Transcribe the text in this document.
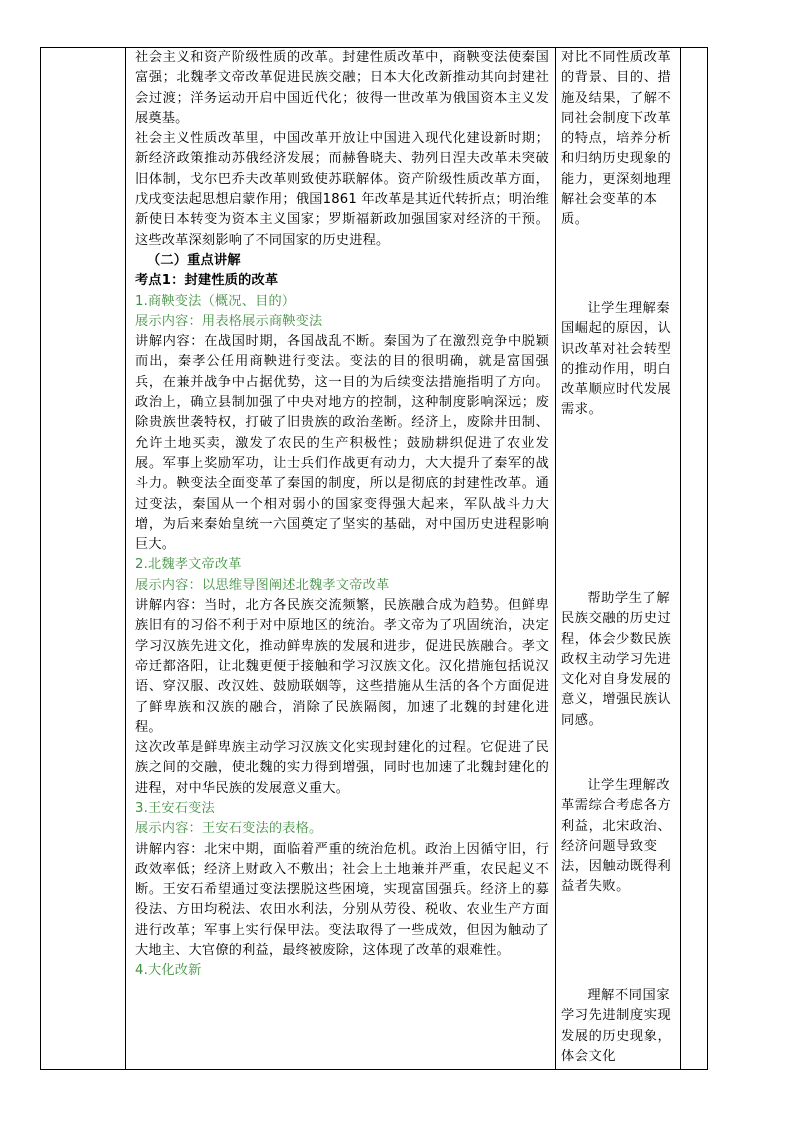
社会主义和资产阶级性质的改革。封建性质改革中，商鞅变法使秦国富强；北魏孝文帝改革促进民族交融；日本大化改新推动其向封建社会过渡；洋务运动开启中国近代化；彼得一世改革为俄国资本主义发展奠基。

社会主义性质改革里，中国改革开放让中国进入现代化建设新时期；新经济政策推动苏俄经济发展；而赫鲁晓夫、勃列日涅夫改革未突破旧体制，戈尔巴乔夫改革则致使苏联解体。资产阶级性质改革方面，戊戌变法起思想启蒙作用；俄国1861 年改革是其近代转折点；明治维新使日本转变为资本主义国家；罗斯福新政加强国家对经济的干预。这些改革深刻影响了不同国家的历史进程。

（二）重点讲解

考点1：封建性质的改革

1.商鞅变法（概况、目的）

展示内容：用表格展示商鞅变法

讲解内容：在战国时期，各国战乱不断。秦国为了在激烈竞争中脱颖而出，秦孝公任用商鞅进行变法。变法的目的很明确，就是富国强兵，在兼并战争中占据优势，这一目的为后续变法措施指明了方向。政治上，确立县制加强了中央对地方的控制，这种制度影响深远；废除贵族世袭特权，打破了旧贵族的政治垄断。经济上，废除井田制、允许土地买卖，激发了农民的生产积极性；鼓励耕织促进了农业发展。军事上奖励军功，让士兵们作战更有动力，大大提升了秦军的战斗力。鞅变法全面变革了秦国的制度，所以是彻底的封建性改革。通过变法，秦国从一个相对弱小的国家变得强大起来，军队战斗力大增，为后来秦始皇统一六国奠定了坚实的基础，对中国历史进程影响巨大。

2.北魏孝文帝改革

展示内容：以思维导图阐述北魏孝文帝改革

讲解内容：当时，北方各民族交流频繁，民族融合成为趋势。但鲜卑族旧有的习俗不利于对中原地区的统治。孝文帝为了巩固统治，决定学习汉族先进文化，推动鲜卑族的发展和进步，促进民族融合。孝文帝迁都洛阳，让北魏更便于接触和学习汉族文化。汉化措施包括说汉语、穿汉服、改汉姓、鼓励联姻等，这些措施从生活的各个方面促进了鲜卑族和汉族的融合，消除了民族隔阂，加速了北魏的封建化进程。

这次改革是鲜卑族主动学习汉族文化实现封建化的过程。它促进了民族之间的交融，使北魏的实力得到增强，同时也加速了北魏封建化的进程，对中华民族的发展意义重大。

3.王安石变法

展示内容：王安石变法的表格。

讲解内容：北宋中期，面临着严重的统治危机。政治上因循守旧，行政效率低；经济上财政入不敷出；社会上土地兼并严重，农民起义不断。王安石希望通过变法摆脱这些困境，实现富国强兵。经济上的募役法、方田均税法、农田水利法，分别从劳役、税收、农业生产方面进行改革；军事上实行保甲法。变法取得了一些成效，但因为触动了大地主、大官僚的利益，最终被废除，这体现了改革的艰难性。

4.大化改新

对比不同性质改革的背景、目的、措施及结果，了解不同社会制度下改革的特点，培养分析和归纳历史现象的能力，更深刻地理解社会变革的本质。

让学生理解秦国崛起的原因，认识改革对社会转型的推动作用，明白改革顺应时代发展需求。

帮助学生了解民族交融的历史过程，体会少数民族政权主动学习先进文化对自身发展的意义，增强民族认同感。

让学生理解改革需综合考虑各方利益，北宋政治、经济问题导致变法，因触动既得利益者失败。

理解不同国家学习先进制度实现发展的历史现象，体会文化
